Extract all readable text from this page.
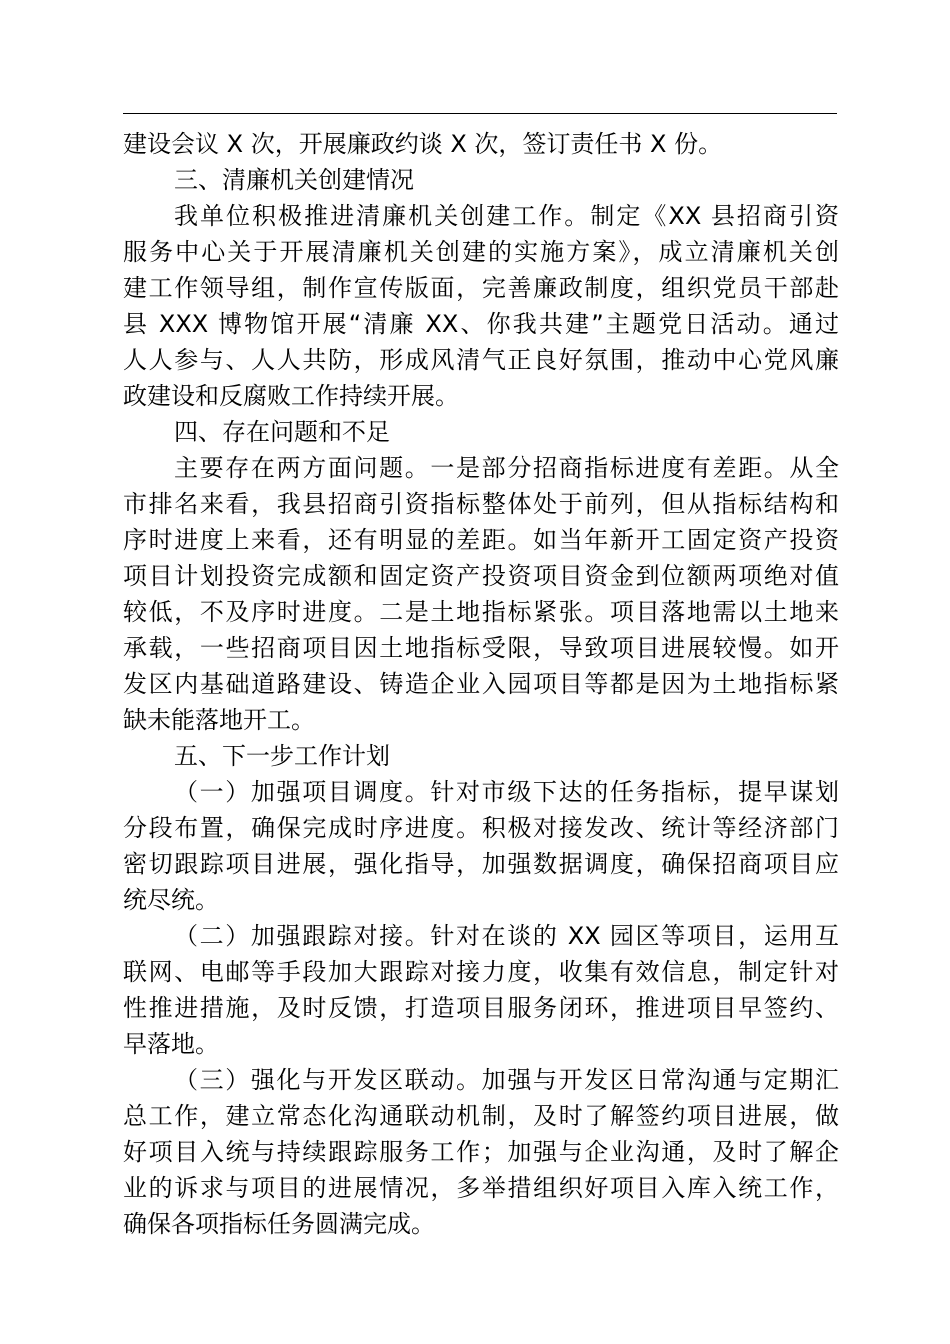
建设会议 X 次，开展廉政约谈 X 次，签订责任书 X 份。
三、清廉机关创建情况
我单位积极推进清廉机关创建工作。制定《XX 县招商引资
服务中心关于开展清廉机关创建的实施方案》，成立清廉机关创
建工作领导组，制作宣传版面，完善廉政制度，组织党员干部赴
县 XXX 博物馆开展“清廉 XX、你我共建”主题党日活动。通过
人人参与、人人共防，形成风清气正良好氛围，推动中心党风廉
政建设和反腐败工作持续开展。
四、存在问题和不足
主要存在两方面问题。一是部分招商指标进度有差距。从全
市排名来看，我县招商引资指标整体处于前列，但从指标结构和
序时进度上来看，还有明显的差距。如当年新开工固定资产投资
项目计划投资完成额和固定资产投资项目资金到位额两项绝对值
较低，不及序时进度。二是土地指标紧张。项目落地需以土地来
承载，一些招商项目因土地指标受限，导致项目进展较慢。如开
发区内基础道路建设、铸造企业入园项目等都是因为土地指标紧
缺未能落地开工。
五、下一步工作计划
（一）加强项目调度。针对市级下达的任务指标，提早谋划
分段布置，确保完成时序进度。积极对接发改、统计等经济部门
密切跟踪项目进展，强化指导，加强数据调度，确保招商项目应
统尽统。
（二）加强跟踪对接。针对在谈的 XX 园区等项目，运用互
联网、电邮等手段加大跟踪对接力度，收集有效信息，制定针对
性推进措施，及时反馈，打造项目服务闭环，推进项目早签约、
早落地。
（三）强化与开发区联动。加强与开发区日常沟通与定期汇
总工作，建立常态化沟通联动机制，及时了解签约项目进展，做
好项目入统与持续跟踪服务工作；加强与企业沟通，及时了解企
业的诉求与项目的进展情况，多举措组织好项目入库入统工作，
确保各项指标任务圆满完成。
